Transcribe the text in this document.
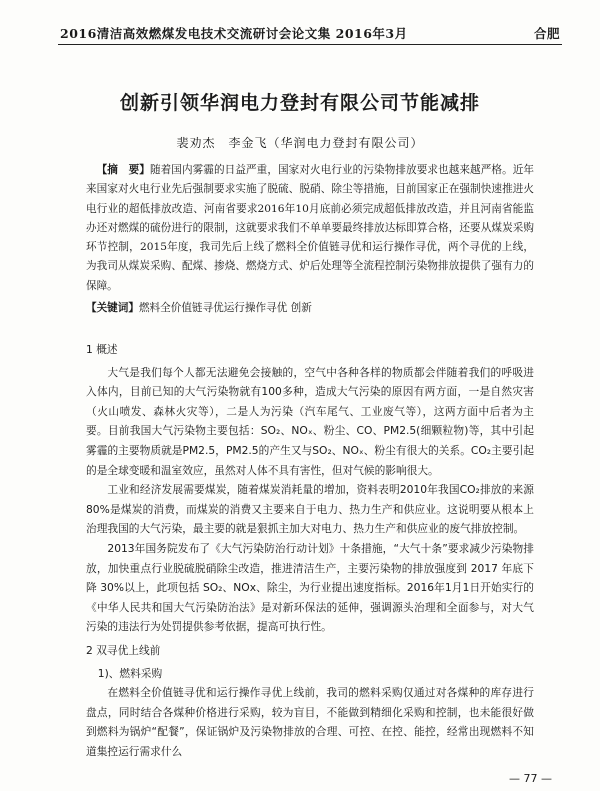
2016清洁高效燃煤发电技术交流研讨会论文集 2016年3月	合肥
创新引领华润电力登封有限公司节能减排
裴劝杰　李金飞（华润电力登封有限公司）
【摘　要】随着国内雾霾的日益严重，国家对火电行业的污染物排放要求也越来越严格。近年来国家对火电行业先后强制要求实施了脱硫、脱硝、除尘等措施，目前国家正在强制快速推进火电行业的超低排放改造、河南省要求2016年10月底前必须完成超低排放改造，并且河南省能监办还对燃煤的硫份进行的限制，这就要求我们不单单要最终排放达标即算合格，还要从煤炭采购环节控制，2015年度，我司先后上线了燃料全价值链寻优和运行操作寻优，两个寻优的上线，为我司从煤炭采购、配煤、掺烧、燃烧方式、炉后处理等全流程控制污染物排放提供了强有力的保障。
【关键词】燃料全价值链寻优运行操作寻优 创新

1 概述

大气是我们每个人都无法避免会接触的，空气中各种各样的物质都会伴随着我们的呼吸进入体内，目前已知的大气污染物就有100多种，造成大气污染的原因有两方面，一是自然灾害（火山喷发、森林火灾等），二是人为污染（汽车尾气、工业废气等），这两方面中后者为主要。目前我国大气污染物主要包括：SO₂、NOₓ、粉尘、CO、PM2.5(细颗粒物)等，其中引起雾霾的主要物质就是PM2.5，PM2.5的产生又与SO₂、NOₓ、粉尘有很大的关系。CO₂主要引起的是全球变暖和温室效应，虽然对人体不具有害性，但对气候的影响很大。

工业和经济发展需要煤炭，随着煤炭消耗量的增加，资料表明2010年我国CO₂排放的来源80%是煤炭的消费，而煤炭的消费又主要来自于电力、热力生产和供应业。这说明要从根本上治理我国的大气污染，最主要的就是狠抓主加大对电力、热力生产和供应业的废气排放控制。

2013年国务院发布了《大气污染防治行动计划》十条措施，“大气十条”要求减少污染物排放，加快重点行业脱硫脱硝除尘改造，推进清洁生产，主要污染物的排放强度到 2017 年底下降 30%以上，此项包括 SO₂、NOx、除尘，为行业提出速度指标。2016年1月1日开始实行的《中华人民共和国大气污染防治法》是对新环保法的延伸，强调源头治理和全面参与，对大气污染的违法行为处罚提供参考依据，提高可执行性。

2 双寻优上线前

1)、燃料采购

在燃料全价值链寻优和运行操作寻优上线前，我司的燃料采购仅通过对各煤种的库存进行盘点，同时结合各煤种价格进行采购，较为盲目，不能做到精细化采购和控制，也未能很好做到燃料为锅炉“配餐”，保证锅炉及污染物排放的合理、可控、在控、能控，经常出现燃料不知道集控运行需求什么

— 77 —
